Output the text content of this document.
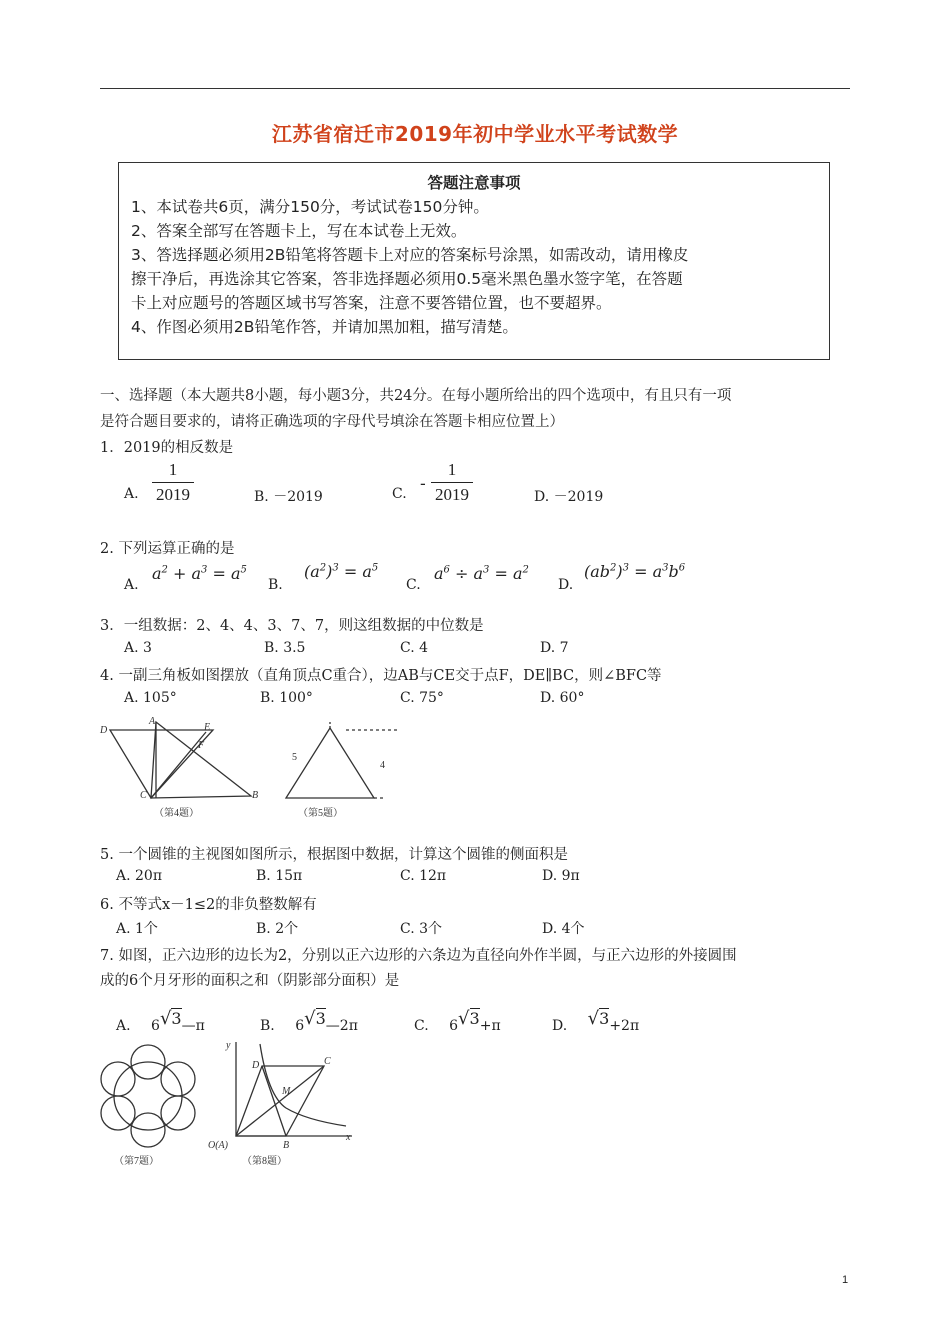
江苏省宿迁市2019年初中学业水平考试数学
答题注意事项
1、本试卷共6页，满分150分，考试试卷150分钟。
2、答案全部写在答题卡上，写在本试卷上无效。
3、答选择题必须用2B铅笔将答题卡上对应的答案标号涂黑，如需改动，请用橡皮
擦干净后，再选涂其它答案，答非选择题必须用0.5毫米黑色墨水签字笔，在答题
卡上对应题号的答题区域书写答案，注意不要答错位置，也不要超界。
4、作图必须用2B铅笔作答，并请加黑加粗，描写清楚。
一、选择题（本大题共8小题，每小题3分，共24分。在每小题所给出的四个选项中，有且只有一项
是符合题目要求的，请将正确选项的字母代号填涂在答题卡相应位置上）
1．2019的相反数是
A.
1
2019	B. －2019	C. -
1
2019	D. －2019
2. 下列运算正确的是
A.
$a^2 + a^3 = a^5$
B.
$(a^2)^3 = a^5$
C.
$a^6 \div a^3 = a^2$
D.
$(ab^2)^3 = a^3b^6$
3．一组数据：2、4、4、3、7、7，则这组数据的中位数是
A. 3	B. 3.5	C. 4	D. 7
4. 一副三角板如图摆放（直角顶点C重合），边AB与CE交于点F，DE∥BC，则∠BFC等
A. 105°	B. 100°	C. 75°	D. 60°
D
A
E
F
C	B
（第4题）
5
4
（第5题）
5. 一个圆锥的主视图如图所示，根据图中数据，计算这个圆锥的侧面积是
A. 20π	B. 15π	C. 12π	D. 9π
6. 不等式x－1≤2的非负整数解有
A. 1个	B. 2个	C. 3个	D. 4个
7. 如图，正六边形的边长为2，分别以正六边形的六条边为直径向外作半圆，与正六边形的外接圆围
成的6个月牙形的面积之和（阴影部分面积）是
A. 6√3—π	B. 6√3—2π	C. 6√3+π	D. √3+2π
（第7题）
y
D	C
M
O(A)	B
x
（第8题）
1
